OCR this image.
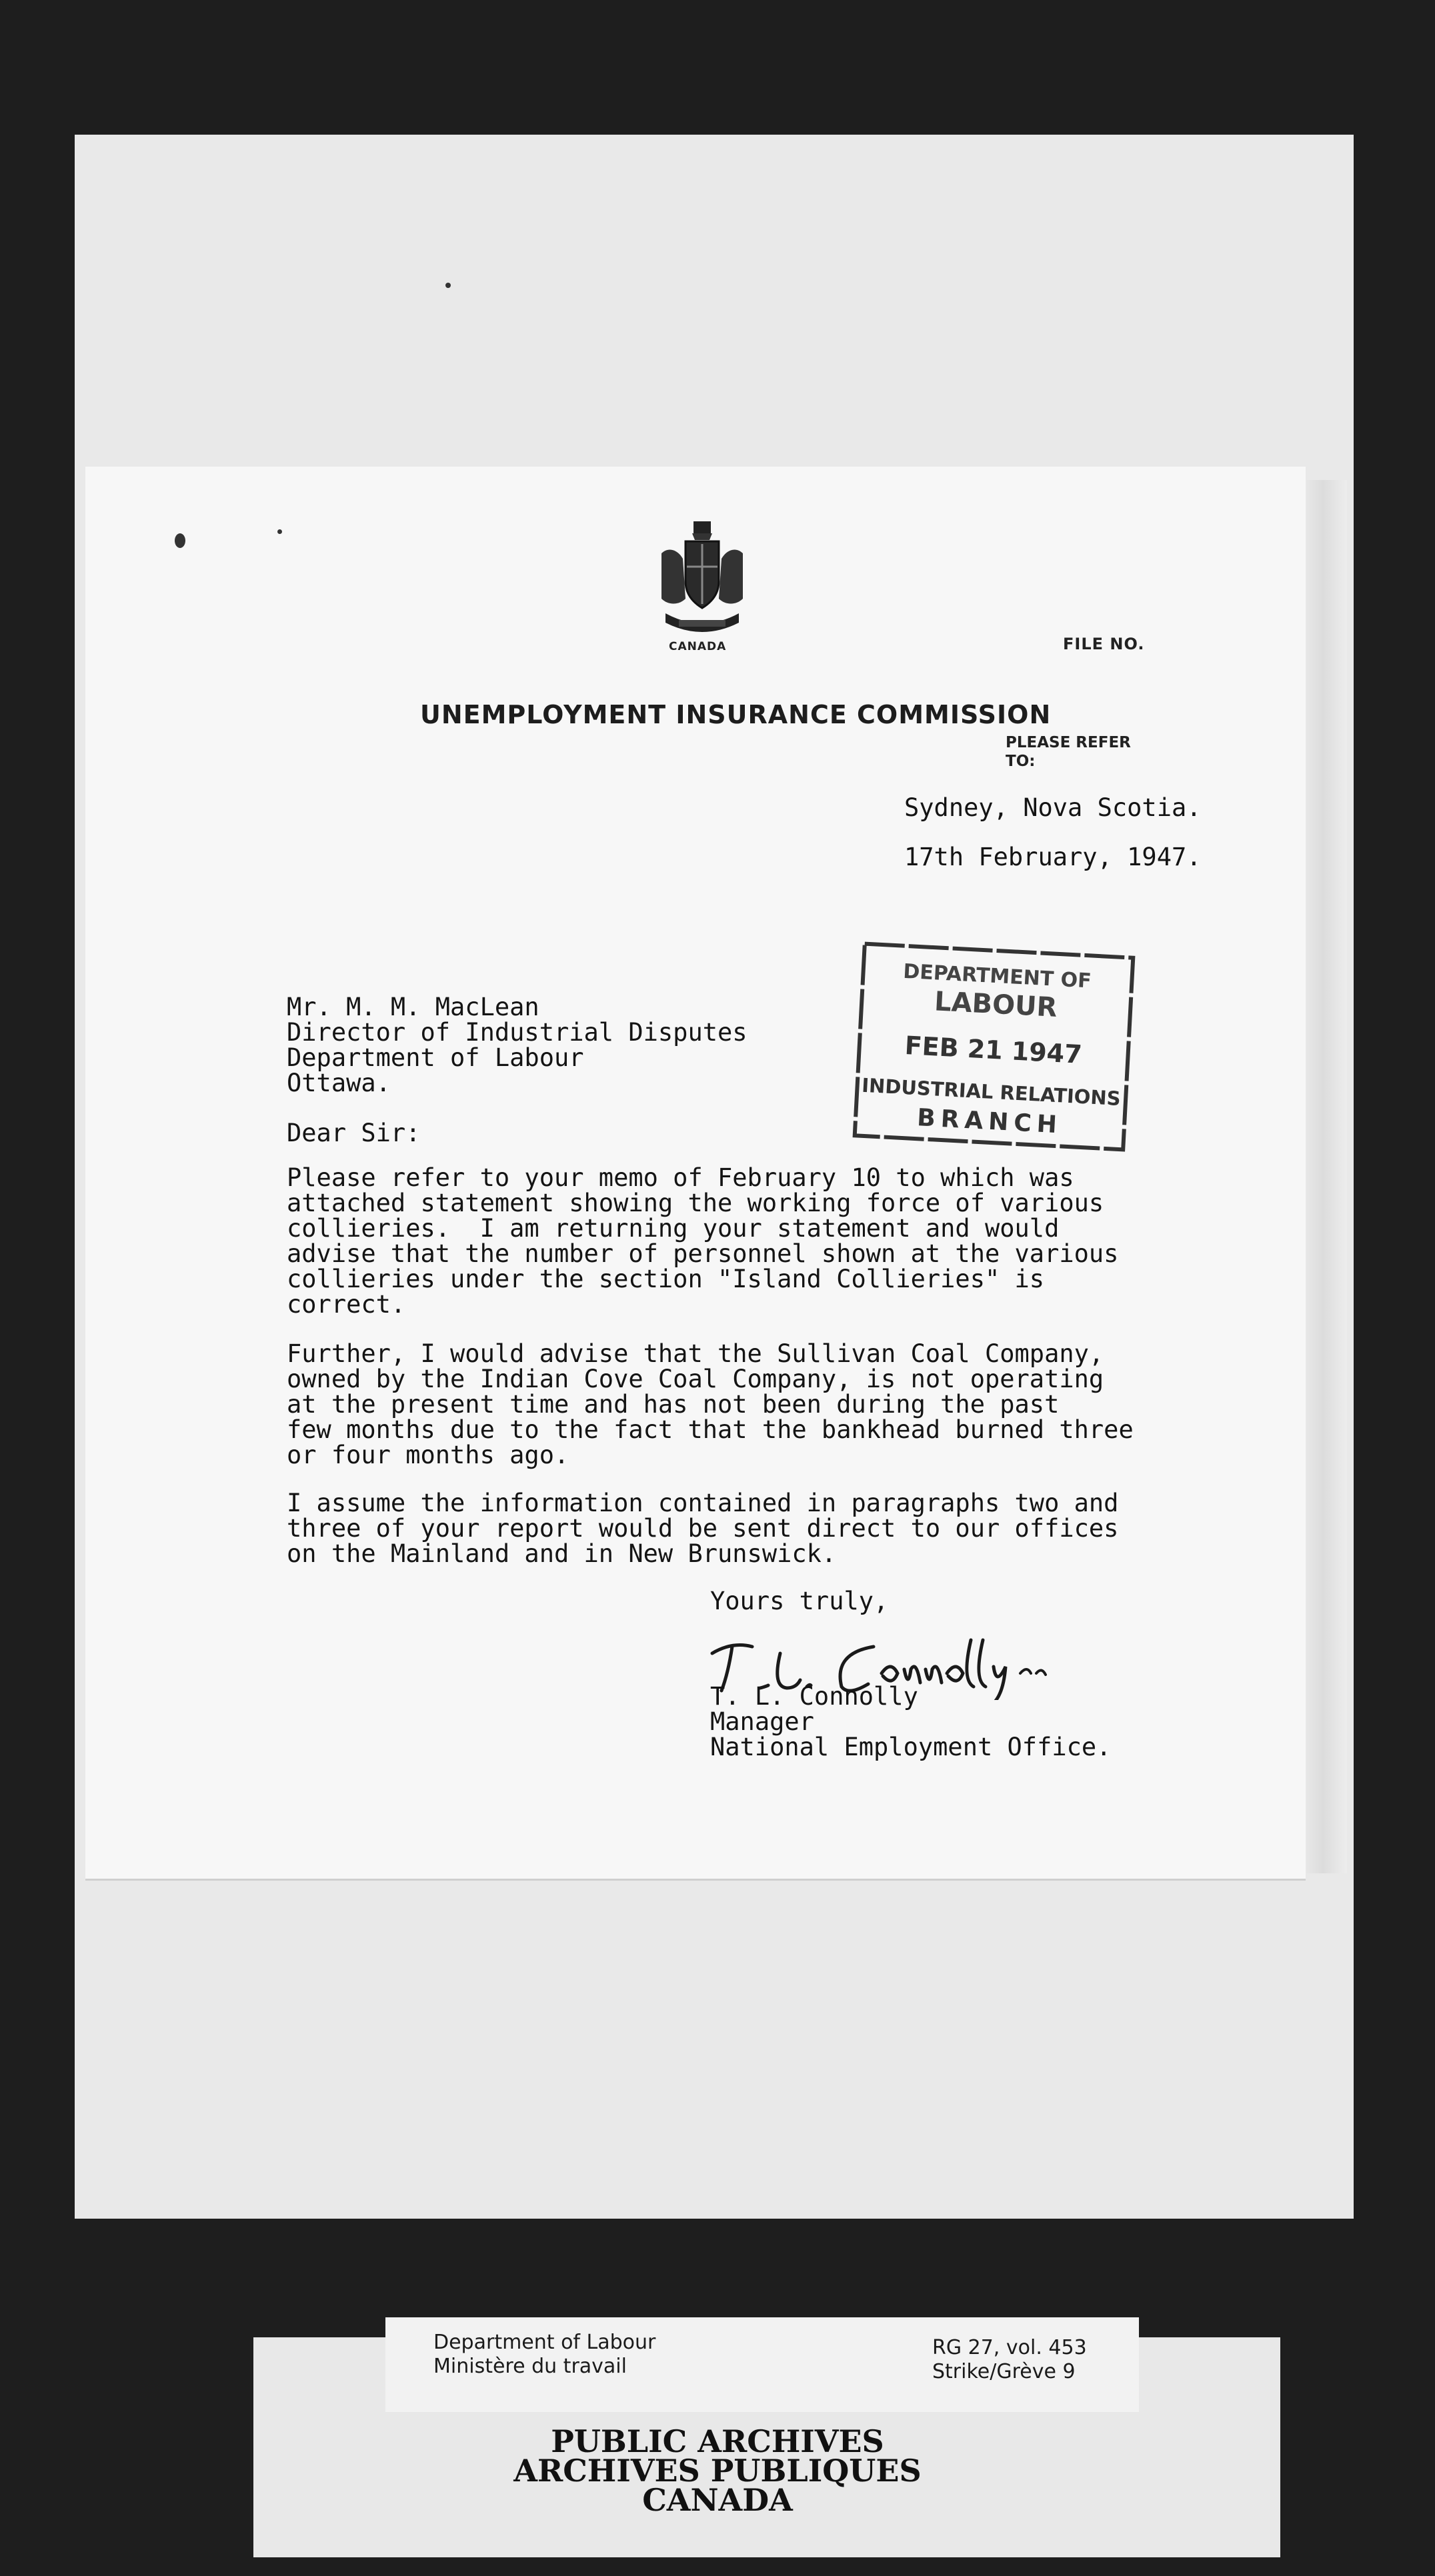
CANADA	FILE NO.
UNEMPLOYMENT INSURANCE COMMISSION
PLEASE REFER
TO:
Sydney, Nova Scotia.
17th February, 1947.
DEPARTMENT OF
LABOUR
FEB 21 1947
INDUSTRIAL RELATIONS
BRANCH
Mr. M. M. MacLean
Director of Industrial Disputes
Department of Labour
Ottawa.
Dear Sir:
Please refer to your memo of February 10 to which was
attached statement showing the working force of various
collieries.  I am returning your statement and would
advise that the number of personnel shown at the various
collieries under the section "Island Collieries" is
correct.
Further, I would advise that the Sullivan Coal Company,
owned by the Indian Cove Coal Company, is not operating
at the present time and has not been during the past
few months due to the fact that the bankhead burned three
or four months ago.
I assume the information contained in paragraphs two and
three of your report would be sent direct to our offices
on the Mainland and in New Brunswick.
Yours truly,
T. L. Connolly
Manager
National Employment Office.
Department of Labour
Ministère du travail
RG 27, vol. 453
Strike/Grève 9
PUBLIC ARCHIVES
ARCHIVES PUBLIQUES
CANADA
